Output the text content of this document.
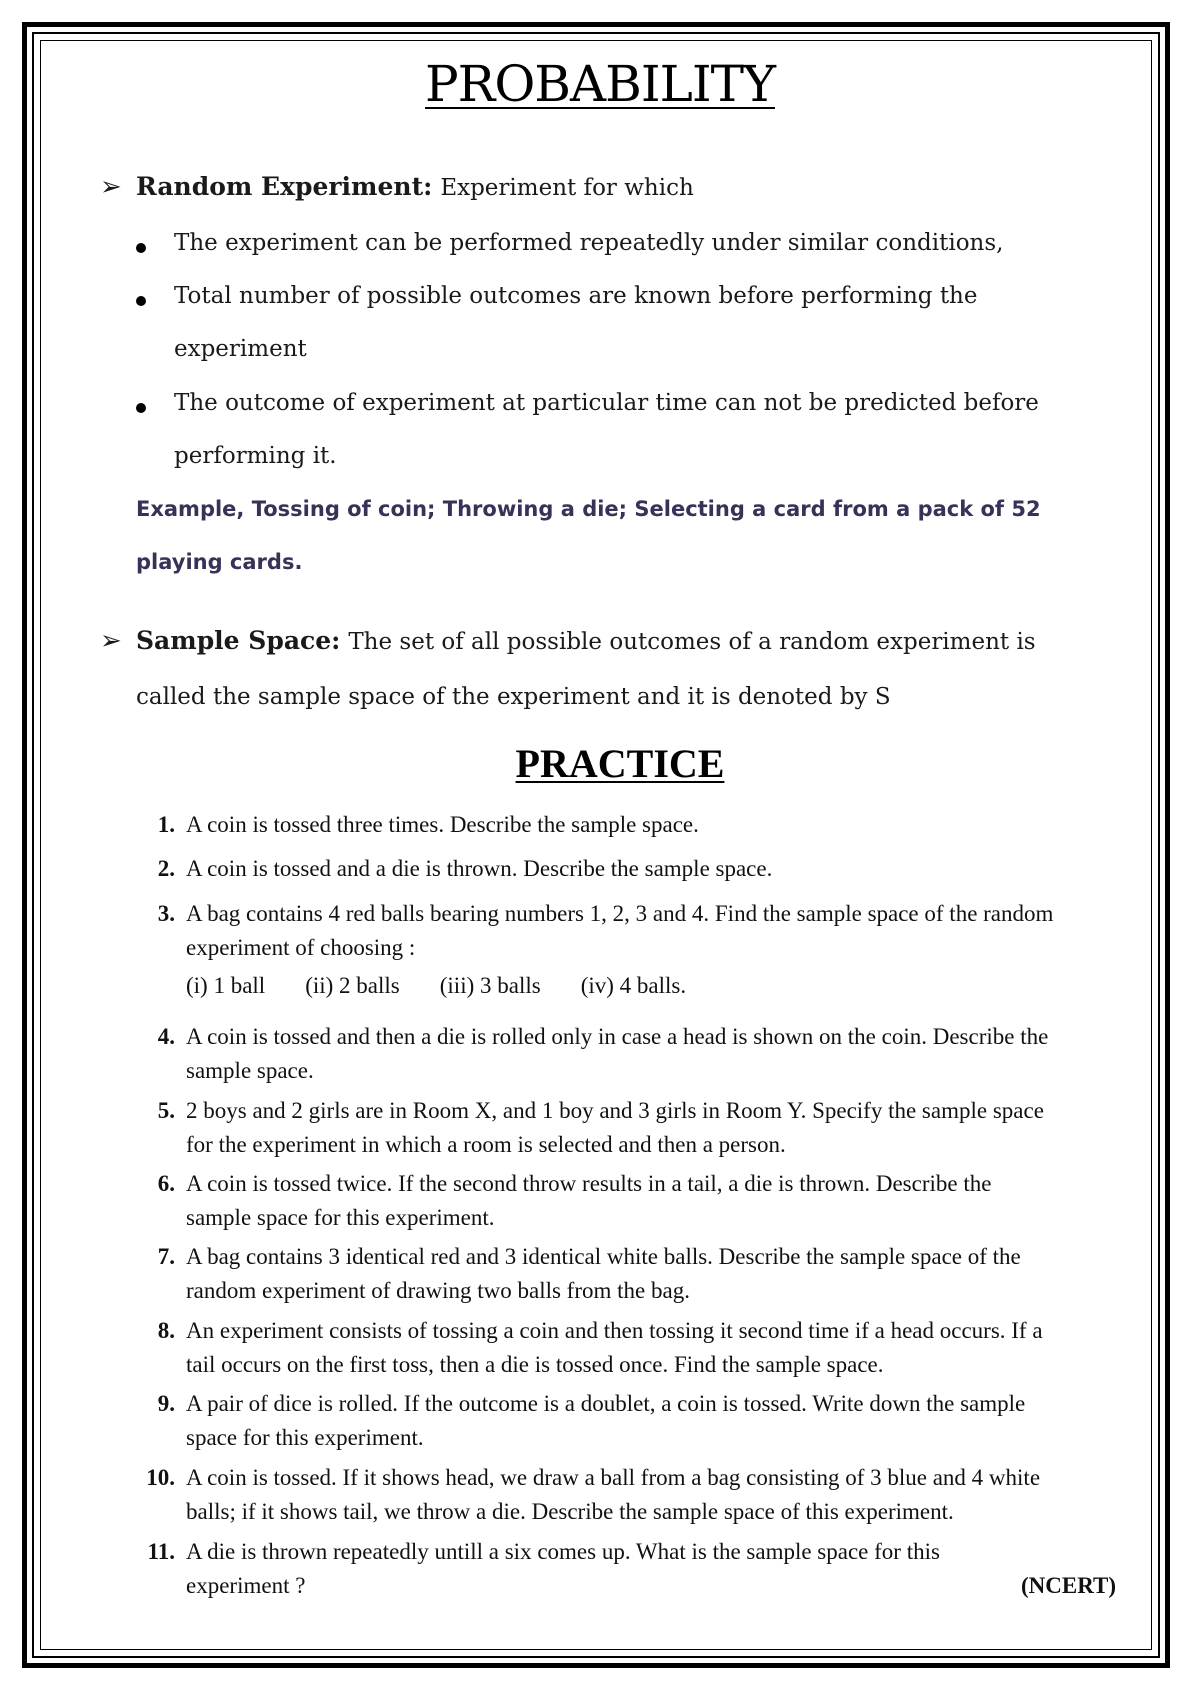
PROBABILITY
➢ Random Experiment: Experiment for which
The experiment can be performed repeatedly under similar conditions,
Total number of possible outcomes are known before performing the
experiment
The outcome of experiment at particular time can not be predicted before
performing it.
Example, Tossing of coin; Throwing a die; Selecting a card from a pack of 52
playing cards.
➢ Sample Space: The set of all possible outcomes of a random experiment is
called the sample space of the experiment and it is denoted by S
PRACTICE
1. A coin is tossed three times. Describe the sample space.
2. A coin is tossed and a die is thrown. Describe the sample space.
3. A bag contains 4 red balls bearing numbers 1, 2, 3 and 4. Find the sample space of the random
experiment of choosing :
(i) 1 ball (ii) 2 balls (iii) 3 balls (iv) 4 balls.
4. A coin is tossed and then a die is rolled only in case a head is shown on the coin. Describe the
sample space.
5. 2 boys and 2 girls are in Room X, and 1 boy and 3 girls in Room Y. Specify the sample space
for the experiment in which a room is selected and then a person.
6. A coin is tossed twice. If the second throw results in a tail, a die is thrown. Describe the
sample space for this experiment.
7. A bag contains 3 identical red and 3 identical white balls. Describe the sample space of the
random experiment of drawing two balls from the bag.
8. An experiment consists of tossing a coin and then tossing it second time if a head occurs. If a
tail occurs on the first toss, then a die is tossed once. Find the sample space.
9. A pair of dice is rolled. If the outcome is a doublet, a coin is tossed. Write down the sample
space for this experiment.
10. A coin is tossed. If it shows head, we draw a ball from a bag consisting of 3 blue and 4 white
balls; if it shows tail, we throw a die. Describe the sample space of this experiment.
11. A die is thrown repeatedly untill a six comes up. What is the sample space for this
experiment ?	(NCERT)
